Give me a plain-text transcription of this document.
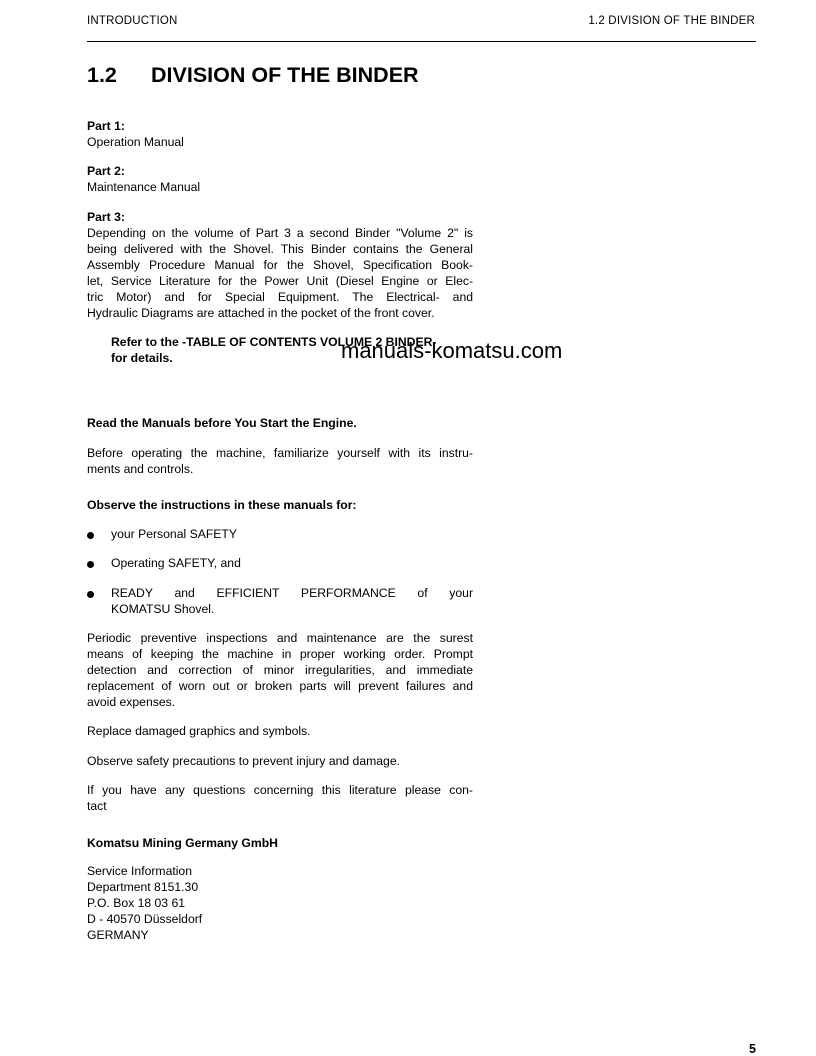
INTRODUCTION	1.2 DIVISION OF THE BINDER
1.2 DIVISION OF THE BINDER
Part 1:
Operation Manual
Part 2:
Maintenance Manual
Part 3:
Depending on the volume of Part 3 a second Binder "Volume 2" is
being delivered with the Shovel. This Binder contains the General
Assembly Procedure Manual for the Shovel, Specification Book-
let, Service Literature for the Power Unit (Diesel Engine or Elec-
tric Motor) and for Special Equipment. The Electrical- and
Hydraulic Diagrams are attached in the pocket of the front cover.
Refer to the -TABLE OF CONTENTS VOLUME 2 BINDER-
for details.	manuals-komatsu.com
Read the Manuals before You Start the Engine.
Before operating the machine, familiarize yourself with its instru-
ments and controls.
Observe the instructions in these manuals for:
your Personal SAFETY
Operating SAFETY, and
READY and EFFICIENT PERFORMANCE of your
KOMATSU Shovel.
Periodic preventive inspections and maintenance are the surest
means of keeping the machine in proper working order. Prompt
detection and correction of minor irregularities, and immediate
replacement of worn out or broken parts will prevent failures and
avoid expenses.
Replace damaged graphics and symbols.
Observe safety precautions to prevent injury and damage.
If you have any questions concerning this literature please con-
tact
Komatsu Mining Germany GmbH
Service Information
Department 8151.30
P.O. Box 18 03 61
D - 40570 Düsseldorf
GERMANY
5
